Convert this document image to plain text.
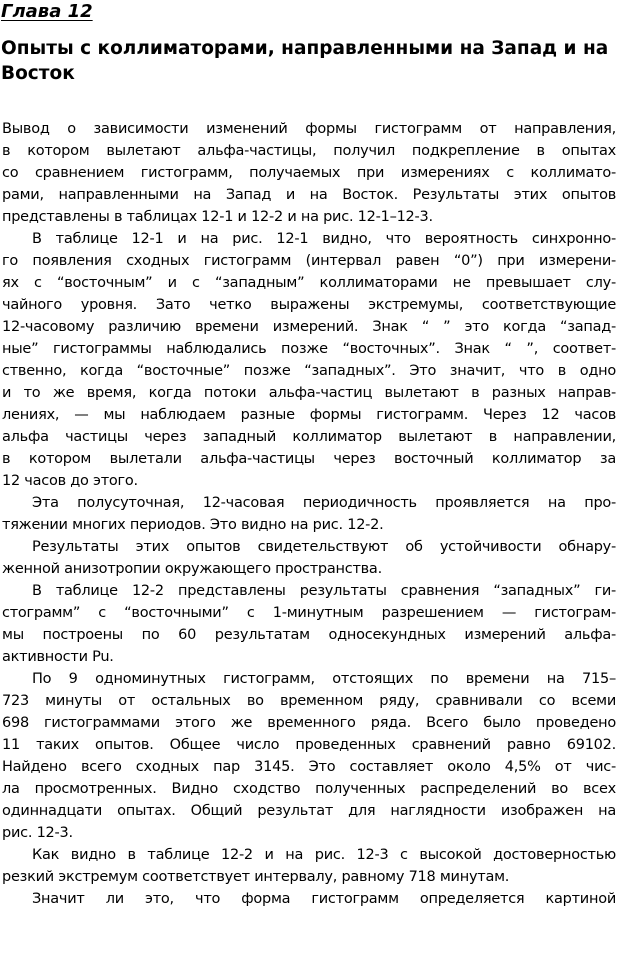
Глава 12
Опыты с коллиматорами, направленными на Запад и на Восток
Вывод о зависимости изменений формы гистограмм от направления,
в котором вылетают альфа-частицы, получил подкрепление в опытах
со сравнением гистограмм, получаемых при измерениях с коллимато-
рами, направленными на Запад и на Восток. Результаты этих опытов
представлены в таблицах 12-1 и 12-2 и на рис. 12-1–12-3.
В таблице 12-1 и на рис. 12-1 видно, что вероятность синхронно-
го появления сходных гистограмм (интервал равен “0”) при измерени-
ях с “восточным” и с “западным” коллиматорами не превышает слу-
чайного уровня. Зато четко выражены экстремумы, соответствующие
12-часовому различию времени измерений. Знак “ ” это когда “запад-
ные” гистограммы наблюдались позже “восточных”. Знак “ ”, соответ-
ственно, когда “восточные” позже “западных”. Это значит, что в одно
и то же время, когда потоки альфа-частиц вылетают в разных направ-
лениях, — мы наблюдаем разные формы гистограмм. Через 12 часов
альфа частицы через западный коллиматор вылетают в направлении,
в котором вылетали альфа-частицы через восточный коллиматор за
12 часов до этого.
Эта полусуточная, 12-часовая периодичность проявляется на про-
тяжении многих периодов. Это видно на рис. 12-2.
Результаты этих опытов свидетельствуют об устойчивости обнару-
женной анизотропии окружающего пространства.
В таблице 12-2 представлены результаты сравнения “западных” ги-
стограмм” с “восточными” с 1-минутным разрешением — гистограм-
мы построены по 60 результатам односекундных измерений альфа-
активности Pu.
По 9 одноминутных гистограмм, отстоящих по времени на 715–
723 минуты от остальных во временном ряду, сравнивали со всеми
698 гистограммами этого же временного ряда. Всего было проведено
11 таких опытов. Общее число проведенных сравнений равно 69102.
Найдено всего сходных пар 3145. Это составляет около 4,5% от чис-
ла просмотренных. Видно сходство полученных распределений во всех
одиннадцати опытах. Общий результат для наглядности изображен на
рис. 12-3.
Как видно в таблице 12-2 и на рис. 12-3 с высокой достоверностью
резкий экстремум соответствует интервалу, равному 718 минутам.
Значит ли это, что форма гистограмм определяется картиной
